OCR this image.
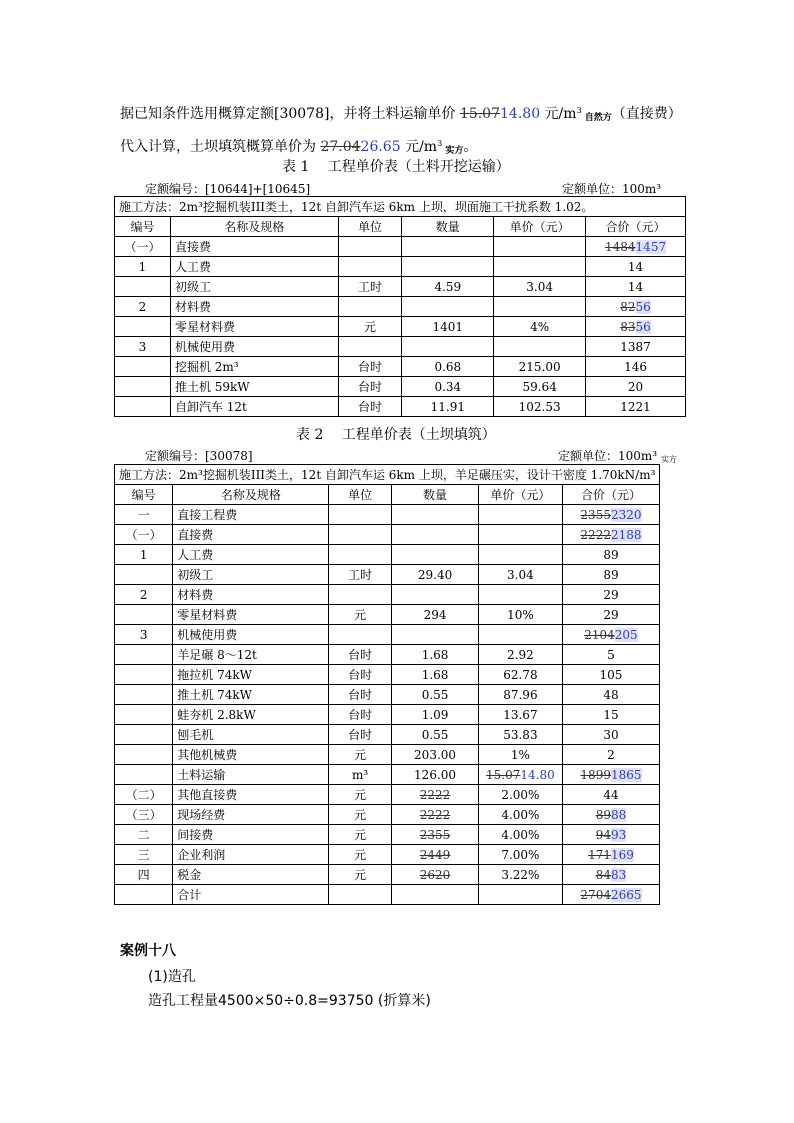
据已知条件选用概算定额[30078]，并将土料运输单价 15.0714.80 元$/m^3$ $_{自然方}$（直接费）代入计算，土坝填筑概算单价为 27.0426.65 元$/m^3$ $_{实方}$。
表 1　 工程单价表（土料开挖运输）
定额编号：[10644]+[10645]	定额单位：100m³
施工方法：2m³挖掘机装III类土，12t 自卸汽车运 6km 上坝，坝面施工干扰系数 1.02。					
编号	名称及规格	单位	数量	单价（元）	合价（元）
（一）	直接费				14841457
1	人工费				14
	初级工	工时	4.59	3.04	14
2	材料费				8256
	零星材料费	元	1401	4%	8356
3	机械使用费				1387
	挖掘机 2m³	台时	0.68	215.00	146
	推土机 59kW	台时	0.34	59.64	20
	自卸汽车 12t	台时	11.91	102.53	1221
表 2　 工程单价表（土坝填筑）
定额编号：[30078]	定额单位：100m³ 实方
施工方法：2m³挖掘机装III类土，12t 自卸汽车运 6km 上坝，羊足碾压实，设计干密度 1.70kN/m³					
编号	名称及规格	单位	数量	单价（元）	合价（元）
一	直接工程费				23552320
（一）	直接费				22222188
1	人工费				89
	初级工	工时	29.40	3.04	89
2	材料费				29
	零星材料费	元	294	10%	29
3	机械使用费				2104205
	羊足碾 8～12t	台时	1.68	2.92	5
	拖拉机 74kW	台时	1.68	62.78	105
	推土机 74kW	台时	0.55	87.96	48
	蛙夯机 2.8kW	台时	1.09	13.67	15
	刨毛机	台时	0.55	53.83	30
	其他机械费	元	203.00	1%	2
	土料运输	m³	126.00	15.0714.80	18991865
（二）	其他直接费	元	2222	2.00%	44
（三）	现场经费	元	2222	4.00%	8988
二	间接费	元	2355	4.00%	9493
三	企业利润	元	2449	7.00%	171169
四	税金	元	2620	3.22%	8483
	合计				27042665
案例十八
(1)造孔
造孔工程量4500×50÷0.8=93750 (折算米)
